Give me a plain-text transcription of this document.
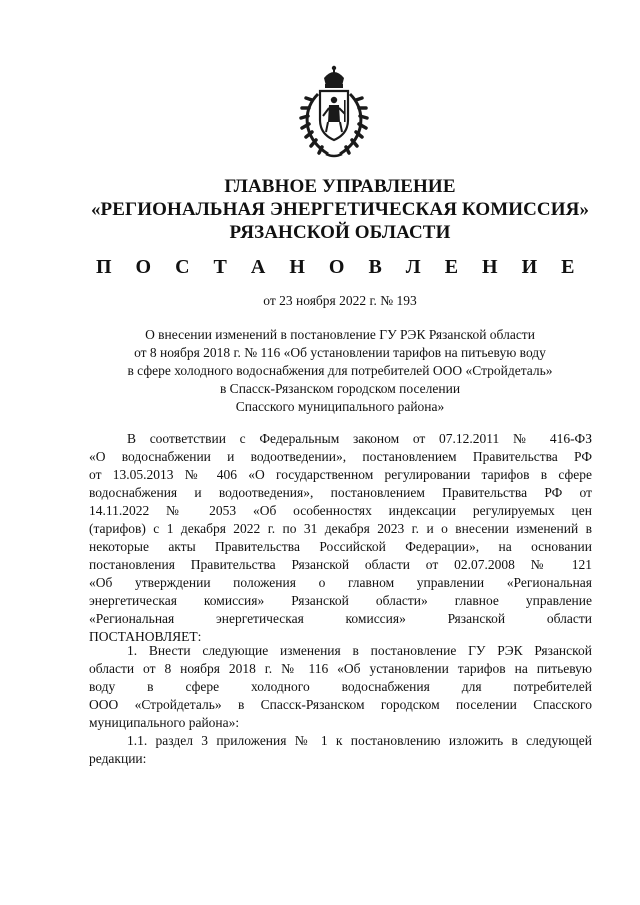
ГЛАВНОЕ УПРАВЛЕНИЕ
«РЕГИОНАЛЬНАЯ ЭНЕРГЕТИЧЕСКАЯ КОМИССИЯ»
РЯЗАНСКОЙ ОБЛАСТИ
П О С Т А Н О В Л Е Н И Е
от 23 ноября 2022 г. № 193
О внесении изменений в постановление ГУ РЭК Рязанской области
от 8 ноября 2018 г. № 116 «Об установлении тарифов на питьевую воду
в сфере холодного водоснабжения для потребителей ООО «Стройдеталь»
в Спасск-Рязанском городском поселении
Спасского муниципального района»
В соответствии с Федеральным законом от 07.12.2011 № 416-ФЗ
«О водоснабжении и водоотведении», постановлением Правительства РФ
от 13.05.2013 № 406 «О государственном регулировании тарифов в сфере
водоснабжения и водоотведения», постановлением Правительства РФ от
14.11.2022 № 2053 «Об особенностях индексации регулируемых цен
(тарифов) с 1 декабря 2022 г. по 31 декабря 2023 г. и о внесении изменений в
некоторые акты Правительства Российской Федерации», на основании
постановления Правительства Рязанской области от 02.07.2008 № 121
«Об утверждении положения о главном управлении «Региональная
энергетическая комиссия» Рязанской области» главное управление
«Региональная энергетическая комиссия» Рязанской области
ПОСТАНОВЛЯЕТ:
1. Внести следующие изменения в постановление ГУ РЭК Рязанской
области от 8 ноября 2018 г. № 116 «Об установлении тарифов на питьевую
воду в сфере холодного водоснабжения для потребителей
ООО «Стройдеталь» в Спасск-Рязанском городском поселении Спасского
муниципального района»:
1.1. раздел 3 приложения № 1 к постановлению изложить в следующей
редакции:
